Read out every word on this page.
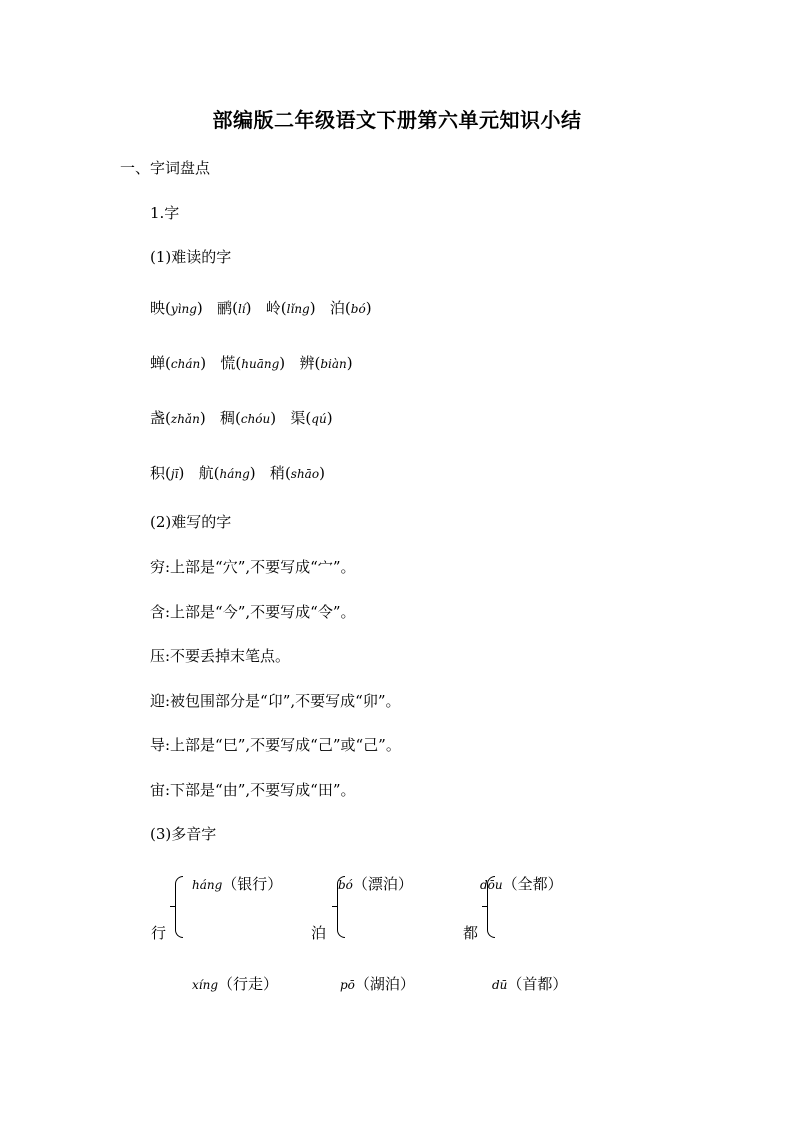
部编版二年级语文下册第六单元知识小结
一、字词盘点
1.字
(1)难读的字
映(yìng)   鹂(lí)   岭(lǐng)   泊(bó)
蝉(chán)   慌(huāng)   辨(biàn)
盏(zhǎn)   稠(chóu)   渠(qú)
积(jī)   航(háng)   稍(shāo)
(2)难写的字
穷:上部是“穴”,不要写成“宀”。
含:上部是“今”,不要写成“令”。
压:不要丢掉末笔点。
迎:被包围部分是“卬”,不要写成“卯”。
导:上部是“巳”,不要写成“己”或“己”。
宙:下部是“由”,不要写成“田”。
(3)多音字
háng（银行）
行
xíng（行走）
bó（漂泊）
泊
pō（湖泊）
dōu（全都）
都
dū（首都）
